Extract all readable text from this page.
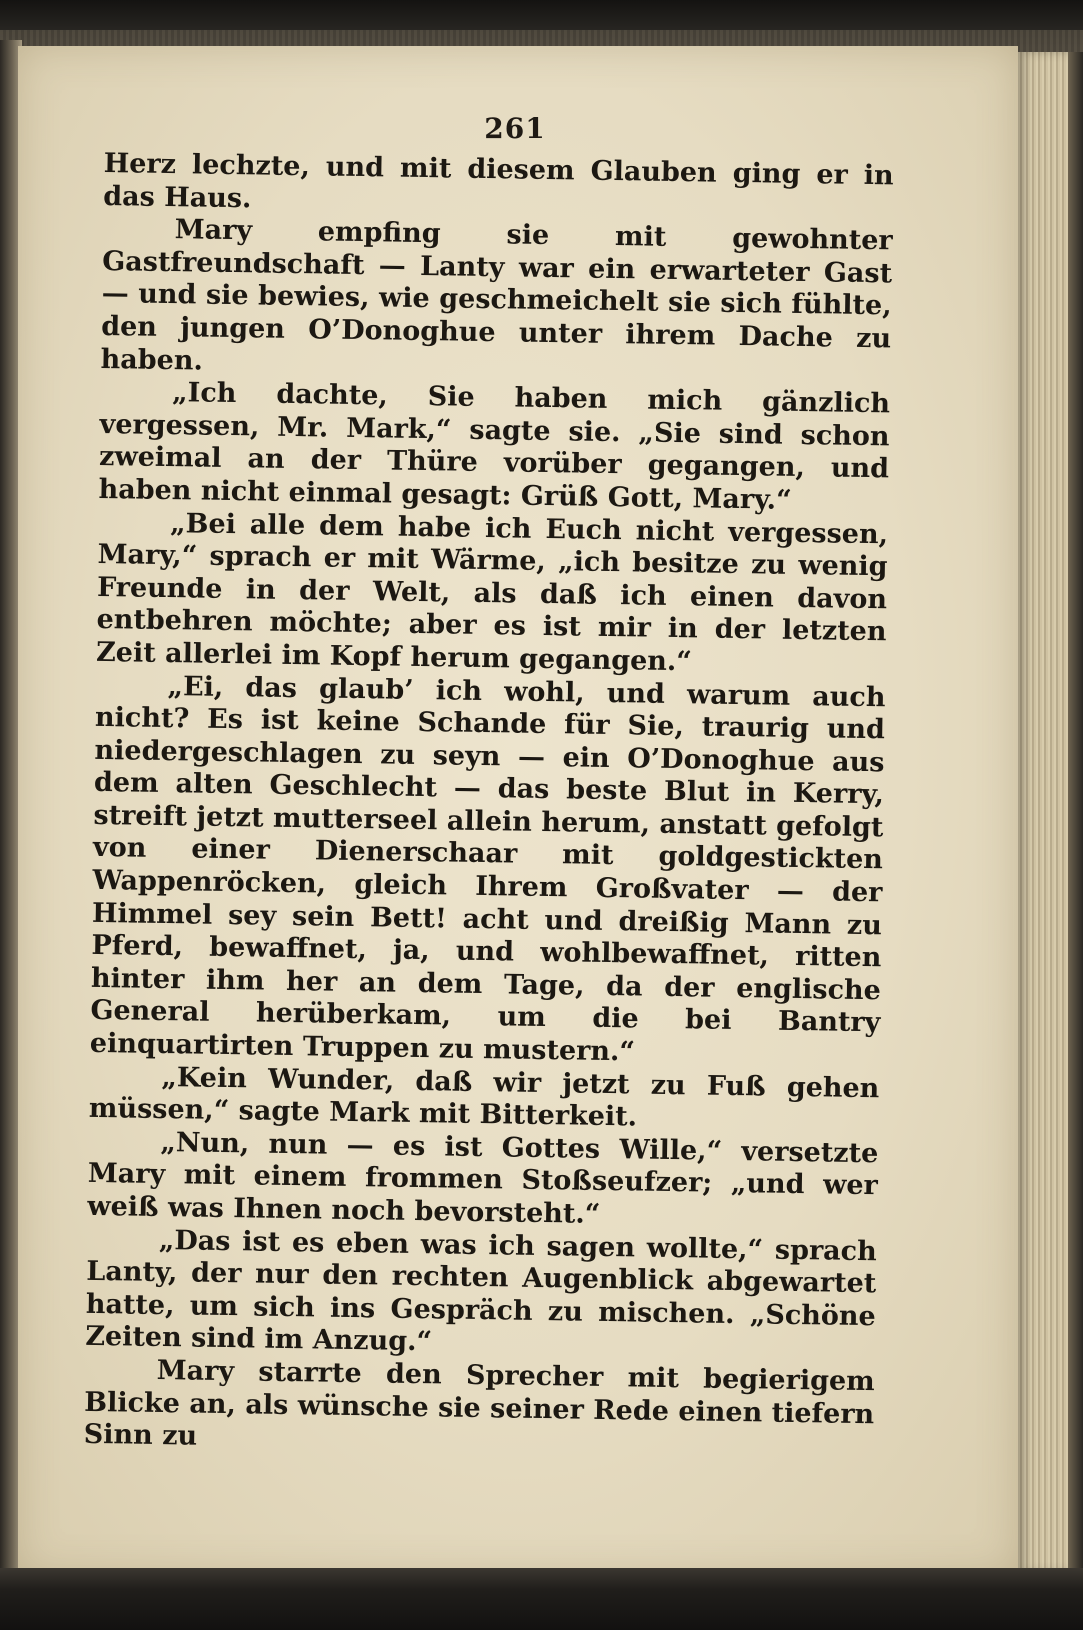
261

Herz lechzte, und mit diesem Glauben ging er in das Haus.

Mary empfing sie mit gewohnter Gastfreundschaft — Lanty war ein erwarteter Gast — und sie bewies, wie geschmeichelt sie sich fühlte, den jungen O’Donoghue unter ihrem Dache zu haben.

„Ich dachte, Sie haben mich gänzlich vergessen, Mr. Mark,“ sagte sie. „Sie sind schon zweimal an der Thüre vorüber gegangen, und haben nicht einmal gesagt: Grüß Gott, Mary.“

„Bei alle dem habe ich Euch nicht vergessen, Mary,“ sprach er mit Wärme, „ich besitze zu wenig Freunde in der Welt, als daß ich einen davon entbehren möchte; aber es ist mir in der letzten Zeit allerlei im Kopf herum gegangen.“

„Ei, das glaub’ ich wohl, und warum auch nicht? Es ist keine Schande für Sie, traurig und niedergeschlagen zu seyn — ein O’Donoghue aus dem alten Geschlecht — das beste Blut in Kerry, streift jetzt mutterseel allein herum, anstatt gefolgt von einer Dienerschaar mit goldgestickten Wappenröcken, gleich Ihrem Großvater — der Himmel sey sein Bett! acht und dreißig Mann zu Pferd, bewaffnet, ja, und wohlbewaffnet, ritten hinter ihm her an dem Tage, da der englische General herüberkam, um die bei Bantry einquartirten Truppen zu mustern.“

„Kein Wunder, daß wir jetzt zu Fuß gehen müssen,“ sagte Mark mit Bitterkeit.

„Nun, nun — es ist Gottes Wille,“ versetzte Mary mit einem frommen Stoßseufzer; „und wer weiß was Ihnen noch bevorsteht.“

„Das ist es eben was ich sagen wollte,“ sprach Lanty, der nur den rechten Augenblick abgewartet hatte, um sich ins Gespräch zu mischen. „Schöne Zeiten sind im Anzug.“

Mary starrte den Sprecher mit begierigem Blicke an, als wünsche sie seiner Rede einen tiefern Sinn zu
